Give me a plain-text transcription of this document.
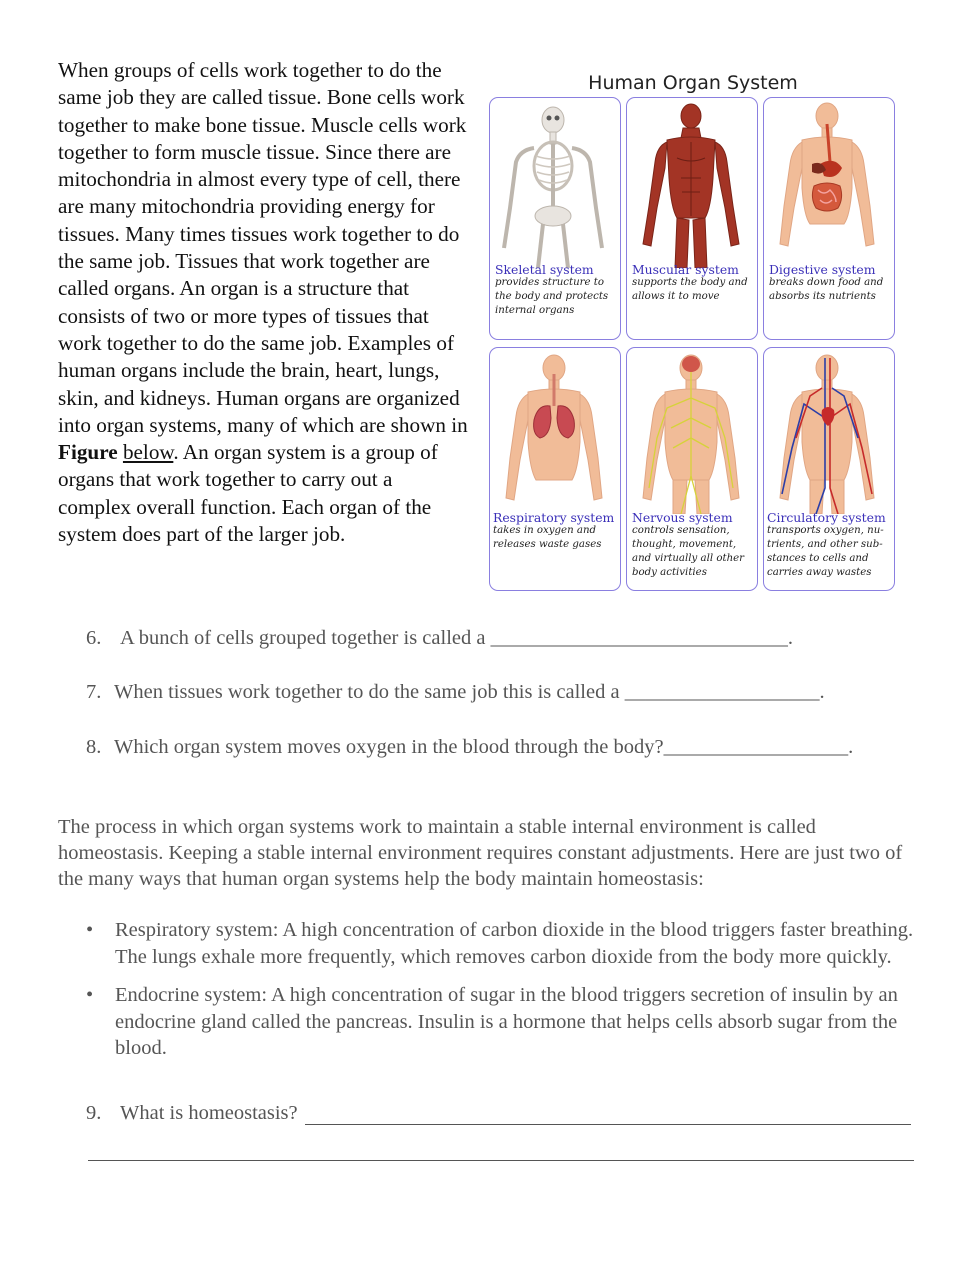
When groups of cells work together to do the same job they are called tissue. Bone cells work together to make bone tissue. Muscle cells work together to form muscle tissue. Since there are mitochondria in almost every type of cell, there are many mitochondria providing energy for tissues. Many times tissues work together to do the same job. Tissues that work together are called organs. An organ is a structure that consists of two or more types of tissues that work together to do the same job. Examples of human organs include the brain, heart, lungs, skin, and kidneys. Human organs are organized into organ systems, many of which are shown in Figure below. An organ system is a group of organs that work together to carry out a complex overall function. Each organ of the system does part of the larger job.
Human Organ System
Skeletal system
provides structure to the body and protects internal organs
Muscular system
supports the body and allows it to move
Digestive system
breaks down food and absorbs its nutrients
Respiratory system
takes in oxygen and releases waste gases
Nervous system
controls sensation, thought, movement, and virtually all other body activities
Circulatory system
transports oxygen, nu-trients, and other sub-stances to cells and carries away wastes
6. A bunch of cells grouped together is called a _____________________________.
7. When tissues work together to do the same job this is called a ___________________.
8. Which organ system moves oxygen in the blood through the body?__________________.
The process in which organ systems work to maintain a stable internal environment is called homeostasis. Keeping a stable internal environment requires constant adjustments. Here are just two of the many ways that human organ systems help the body maintain homeostasis:
• Respiratory system: A high concentration of carbon dioxide in the blood triggers faster breathing. The lungs exhale more frequently, which removes carbon dioxide from the body more quickly.
• Endocrine system: A high concentration of sugar in the blood triggers secretion of insulin by an endocrine gland called the pancreas. Insulin is a hormone that helps cells absorb sugar from the blood.
9. What is homeostasis?
